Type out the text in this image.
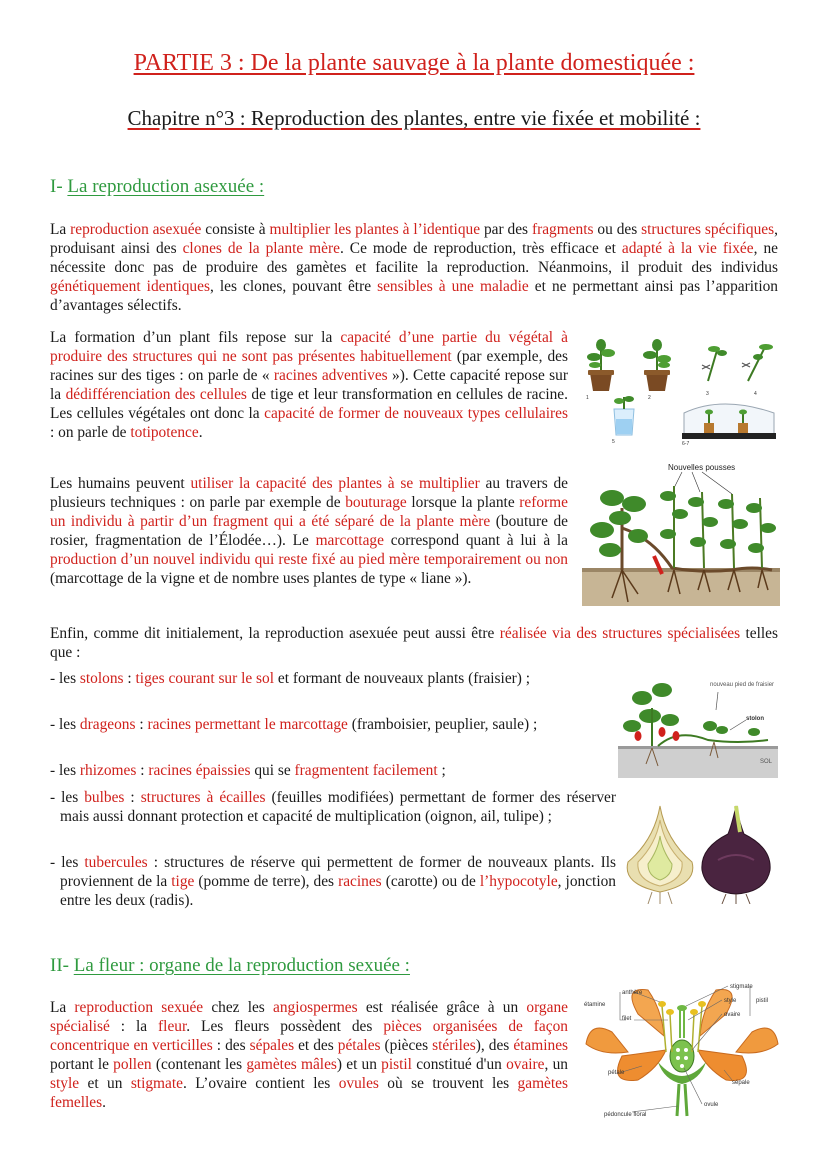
PARTIE 3 : De la plante sauvage à la plante domestiquée :
Chapitre n°3 : Reproduction des plantes, entre vie fixée et mobilité :
I- La reproduction asexuée :
La reproduction asexuée consiste à multiplier les plantes à l’identique par des fragments ou des structures spécifiques, produisant ainsi des clones de la plante mère. Ce mode de reproduction, très efficace et adapté à la vie fixée, ne nécessite donc pas de produire des gamètes et facilite la reproduction. Néanmoins, il produit des individus génétiquement identiques, les clones, pouvant être sensibles à une maladie et ne permettant ainsi pas l’apparition d’avantages sélectifs.
La formation d’un plant fils repose sur la capacité d’une partie du végétal à produire des structures qui ne sont pas présentes habituellement (par exemple, des racines sur des tiges : on parle de « racines adventives »). Cette capacité repose sur la dédifférenciation des cellules de tige et leur transformation en cellules de racine. Les cellules végétales ont donc la capacité de former de nouveaux types cellulaires : on parle de totipotence.
Les humains peuvent utiliser la capacité des plantes à se multiplier au travers de plusieurs techniques : on parle par exemple de bouturage lorsque la plante reforme un individu à partir d’un fragment qui a été séparé de la plante mère (bouture de rosier, fragmentation de l’Élodée…). Le marcottage correspond quant à lui à la production d’un nouvel individu qui reste fixé au pied mère temporairement ou non (marcottage de la vigne et de nombre uses plantes de type « liane »).
Enfin, comme dit initialement, la reproduction asexuée peut aussi être réalisée via des structures spécialisées telles que :
- les stolons : tiges courant sur le sol et formant de nouveaux plants (fraisier) ;
- les drageons : racines permettant le marcottage (framboisier, peuplier, saule) ;
- les rhizomes : racines épaissies qui se fragmentent facilement ;
- les bulbes : structures à écailles (feuilles modifiées) permettant de former des réserver mais aussi donnant protection et capacité de multiplication (oignon, ail, tulipe) ;
- les tubercules : structures de réserve qui permettent de former de nouveaux plants. Ils proviennent de la tige (pomme de terre), des racines (carotte) ou de l’hypocotyle, jonction entre les deux (radis).
II- La fleur : organe de la reproduction sexuée :
La reproduction sexuée chez les angiospermes est réalisée grâce à un organe spécialisé : la fleur. Les fleurs possèdent des pièces organisées de façon concentrique en verticilles : des sépales et des pétales (pièces stériles), des étamines portant le pollen (contenant les gamètes mâles) et un pistil constitué d'un ovaire, un style et un stigmate. L’ovaire contient les ovules où se trouvent les gamètes femelles.
1	2
3	4
5	6-7
Nouvelles pousses
SOL
nouveau pied de fraisier
stolon
anthère
étamine
filet
stigmate
style
ovaire
pistil
pétale
sépale
ovule
pédoncule floral
